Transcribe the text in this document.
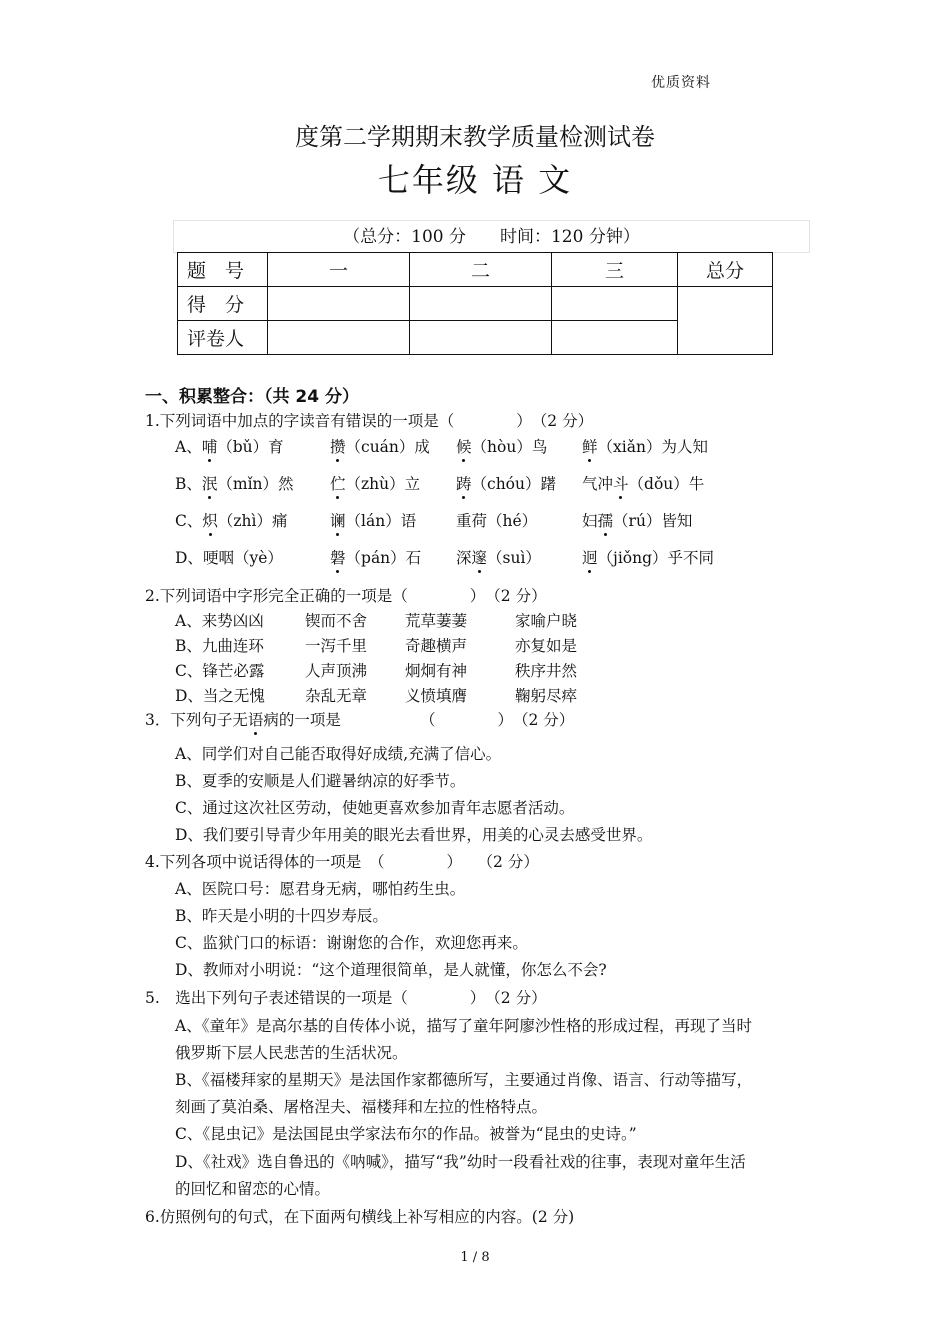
优质资料
度第二学期期末教学质量检测试卷
七年级 语 文
（总分：100 分　　时间：120 分钟）
题　号	一	二	三	总分
得　分				
评卷人				
一、积累整合：（共 24 分）
1.下列词语中加点的字读音有错误的一项是（　　　　）　（2 分）
A、哺（bǔ）育	攒（cuán）成 候（hòu）鸟 鲜（xiǎn）为人知
B、泯（mǐn）然 伫（zhù）立 踌（chóu）躇 气冲斗（dǒu）牛
C、炽（zhì）痛	谰（lán）语	重荷（hé）	妇孺（rú）皆知
D、哽咽（yè）	磐（pán）石 深邃（suì）	迥（jiǒng）乎不同
2.下列词语中字形完全正确的一项是（　　　　）　（2 分）
A、来势凶凶	锲而不舍 荒草萋萋	家喻户晓
B、九曲连环	一泻千里 奇趣横声	亦复如是
C、锋芒必露	人声顶沸 炯炯有神	秩序井然
D、当之无愧	杂乱无章 义愤填膺	鞠躬尽瘁
3．下列句子无语病的一项是	（　　　　）　（2 分）
A、同学们对自己能否取得好成绩,充满了信心。
B、夏季的安顺是人们避暑纳凉的好季节。
C、通过这次社区劳动，使她更喜欢参加青年志愿者活动。
D、我们要引导青少年用美的眼光去看世界，用美的心灵去感受世界。
4.下列各项中说话得体的一项是　（　　　　）　　（2 分）
A、医院口号：愿君身无病，哪怕药生虫。
B、昨天是小明的十四岁寿辰。
C、监狱门口的标语：谢谢您的合作，欢迎您再来。
D、教师对小明说：“这个道理很简单，是人就懂，你怎么不会?
5.　选出下列句子表述错误的一项是（　　　　）　（2 分）
A、《童年》是高尔基的自传体小说，描写了童年阿廖沙性格的形成过程，再现了当时
俄罗斯下层人民悲苦的生活状况。
B、《福楼拜家的星期天》是法国作家都德所写，主要通过肖像、语言、行动等描写，
刻画了莫泊桑、屠格涅夫、福楼拜和左拉的性格特点。
C、《昆虫记》是法国昆虫学家法布尔的作品。被誉为“昆虫的史诗。”
D、《社戏》选自鲁迅的《呐喊》，描写“我”幼时一段看社戏的往事，表现对童年生活
的回忆和留恋的心情。
6.仿照例句的句式，在下面两句横线上补写相应的内容。(2 分)
1 / 8
